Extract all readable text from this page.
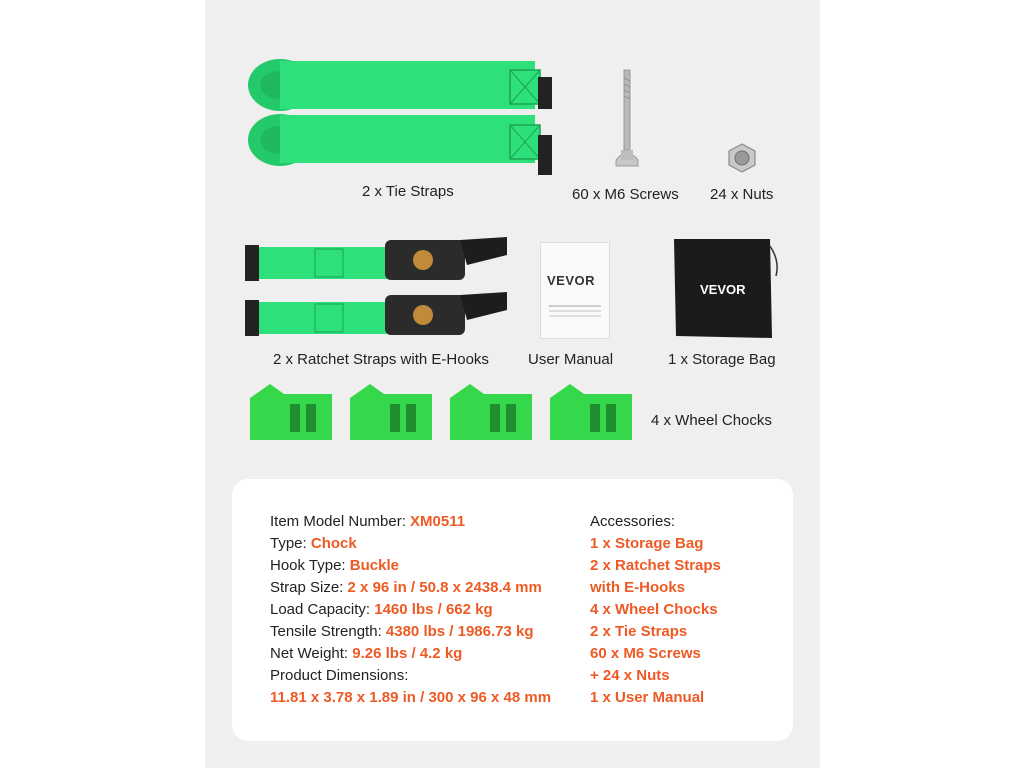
2 x Tie Straps	60 x M6 Screws 24 x Nuts
2 x Ratchet Straps with E-Hooks
VEVOR
User Manual
VEVOR
1 x Storage Bag
4 x Wheel Chocks
Item Model Number: XM0511
Type: Chock
Hook Type: Buckle
Strap Size: 2 x 96 in / 50.8 x 2438.4 mm
Load Capacity: 1460 lbs / 662 kg
Tensile Strength: 4380 lbs / 1986.73 kg
Net Weight: 9.26 lbs / 4.2 kg
Product Dimensions:
11.81 x 3.78 x 1.89 in / 300 x 96 x 48 mm
Accessories:
1 x Storage Bag
2 x Ratchet Straps
with E-Hooks
4 x Wheel Chocks
2 x Tie Straps
60 x M6 Screws
+ 24 x Nuts
1 x User Manual
